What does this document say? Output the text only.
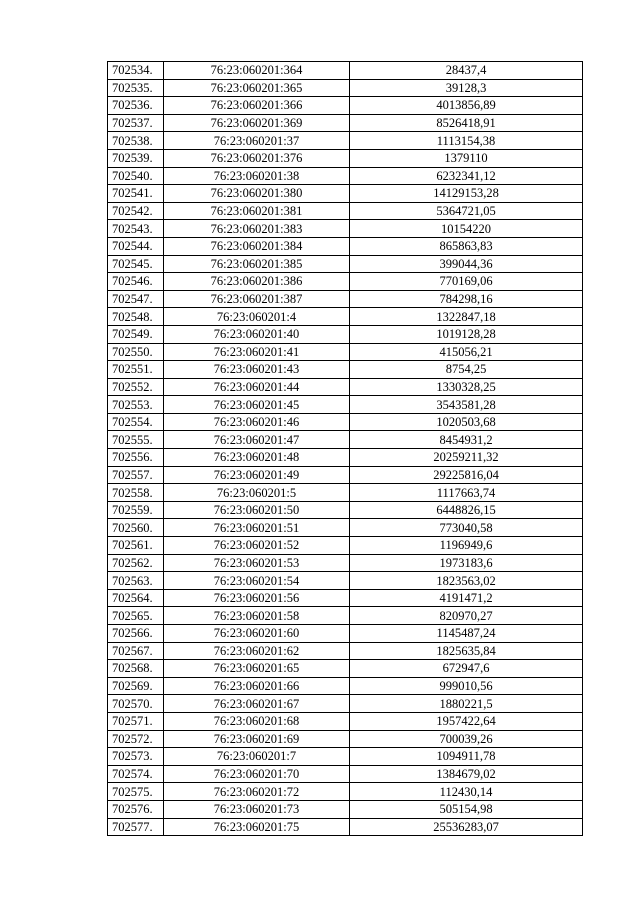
702534.	76:23:060201:364	28437,4
702535.	76:23:060201:365	39128,3
702536.	76:23:060201:366	4013856,89
702537.	76:23:060201:369	8526418,91
702538.	76:23:060201:37	1113154,38
702539.	76:23:060201:376	1379110
702540.	76:23:060201:38	6232341,12
702541.	76:23:060201:380	14129153,28
702542.	76:23:060201:381	5364721,05
702543.	76:23:060201:383	10154220
702544.	76:23:060201:384	865863,83
702545.	76:23:060201:385	399044,36
702546.	76:23:060201:386	770169,06
702547.	76:23:060201:387	784298,16
702548.	76:23:060201:4	1322847,18
702549.	76:23:060201:40	1019128,28
702550.	76:23:060201:41	415056,21
702551.	76:23:060201:43	8754,25
702552.	76:23:060201:44	1330328,25
702553.	76:23:060201:45	3543581,28
702554.	76:23:060201:46	1020503,68
702555.	76:23:060201:47	8454931,2
702556.	76:23:060201:48	20259211,32
702557.	76:23:060201:49	29225816,04
702558.	76:23:060201:5	1117663,74
702559.	76:23:060201:50	6448826,15
702560.	76:23:060201:51	773040,58
702561.	76:23:060201:52	1196949,6
702562.	76:23:060201:53	1973183,6
702563.	76:23:060201:54	1823563,02
702564.	76:23:060201:56	4191471,2
702565.	76:23:060201:58	820970,27
702566.	76:23:060201:60	1145487,24
702567.	76:23:060201:62	1825635,84
702568.	76:23:060201:65	672947,6
702569.	76:23:060201:66	999010,56
702570.	76:23:060201:67	1880221,5
702571.	76:23:060201:68	1957422,64
702572.	76:23:060201:69	700039,26
702573.	76:23:060201:7	1094911,78
702574.	76:23:060201:70	1384679,02
702575.	76:23:060201:72	112430,14
702576.	76:23:060201:73	505154,98
702577.	76:23:060201:75	25536283,07
